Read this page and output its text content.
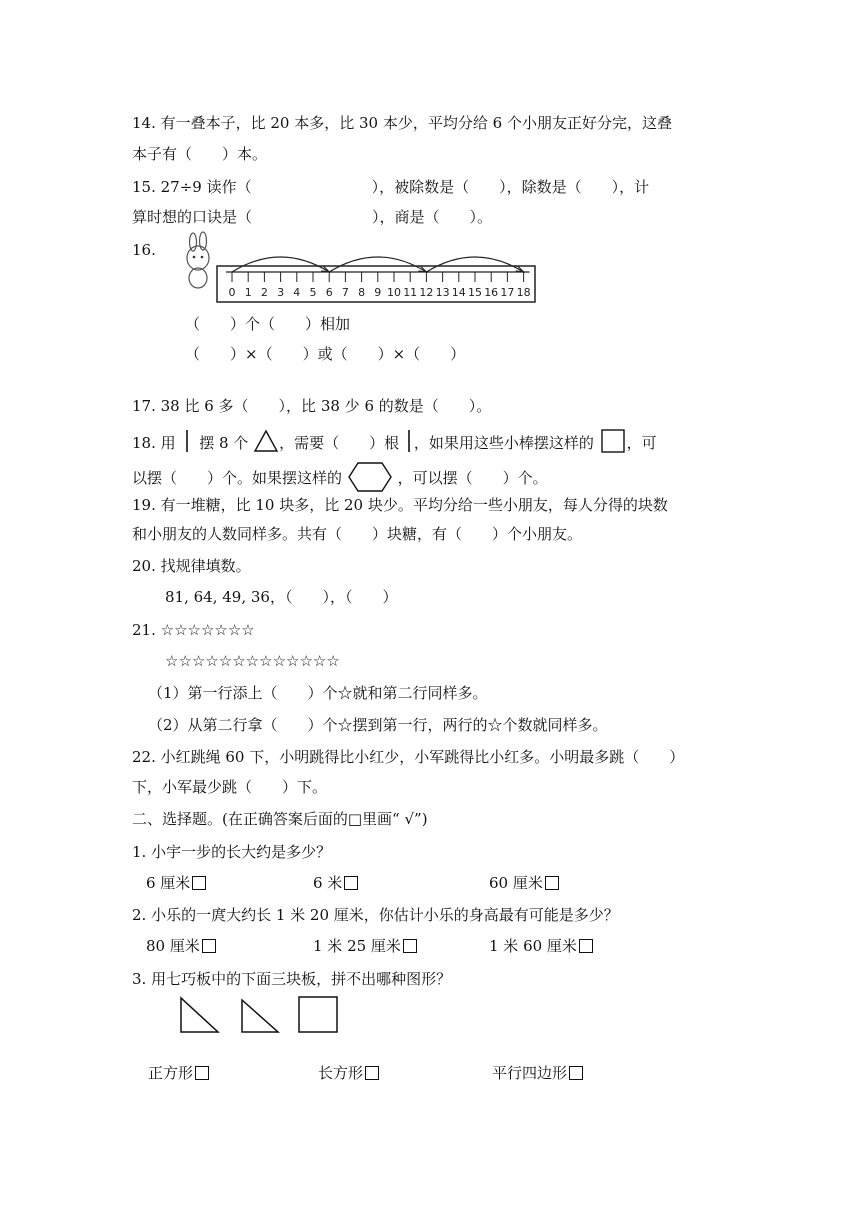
14. 有一叠本子，比 20 本多，比 30 本少，平均分给 6 个小朋友正好分完，这叠
本子有（　　）本。
15. 27÷9 读作（　　　　　　　　），被除数是（　　），除数是（　　），计
算时想的口诀是（　　　　　　　　），商是（　　）。
16.
0 1 2 3 4 5 6 7 8 9 10 11 12 13 14 15 16 17 18
（　　）个（　　）相加
（　　）×（　　）或（　　）×（　　）
17. 38 比 6 多（　　），比 38 少 6 的数是（　　）。
18. 用 摆 8 个 ，需要（　　）根 ，如果用这些小棒摆这样的 ，可
以摆（　　）个。如果摆这样的	，可以摆（　　）个。
19. 有一堆糖，比 10 块多，比 20 块少。平均分给一些小朋友，每人分得的块数
和小朋友的人数同样多。共有（　　）块糖，有（　　）个小朋友。
20. 找规律填数。
81, 64, 49, 36，（　　），（　　）
21. ☆☆☆☆☆☆☆
☆☆☆☆☆☆☆☆☆☆☆☆☆
（1）第一行添上（　　）个☆就和第二行同样多。
（2）从第二行拿（　　）个☆摆到第一行，两行的☆个数就同样多。
22. 小红跳绳 60 下，小明跳得比小红少，小军跳得比小红多。小明最多跳（　　）
下，小军最少跳（　　）下。
二、选择题。(在正确答案后面的□里画“ √”)
1. 小宇一步的长大约是多少？
6 厘米	6 米	60 厘米
2. 小乐的一庹大约长 1 米 20 厘米，你估计小乐的身高最有可能是多少？
80 厘米	1 米 25 厘米	1 米 60 厘米
3. 用七巧板中的下面三块板，拼不出哪种图形？
正方形	长方形	平行四边形
